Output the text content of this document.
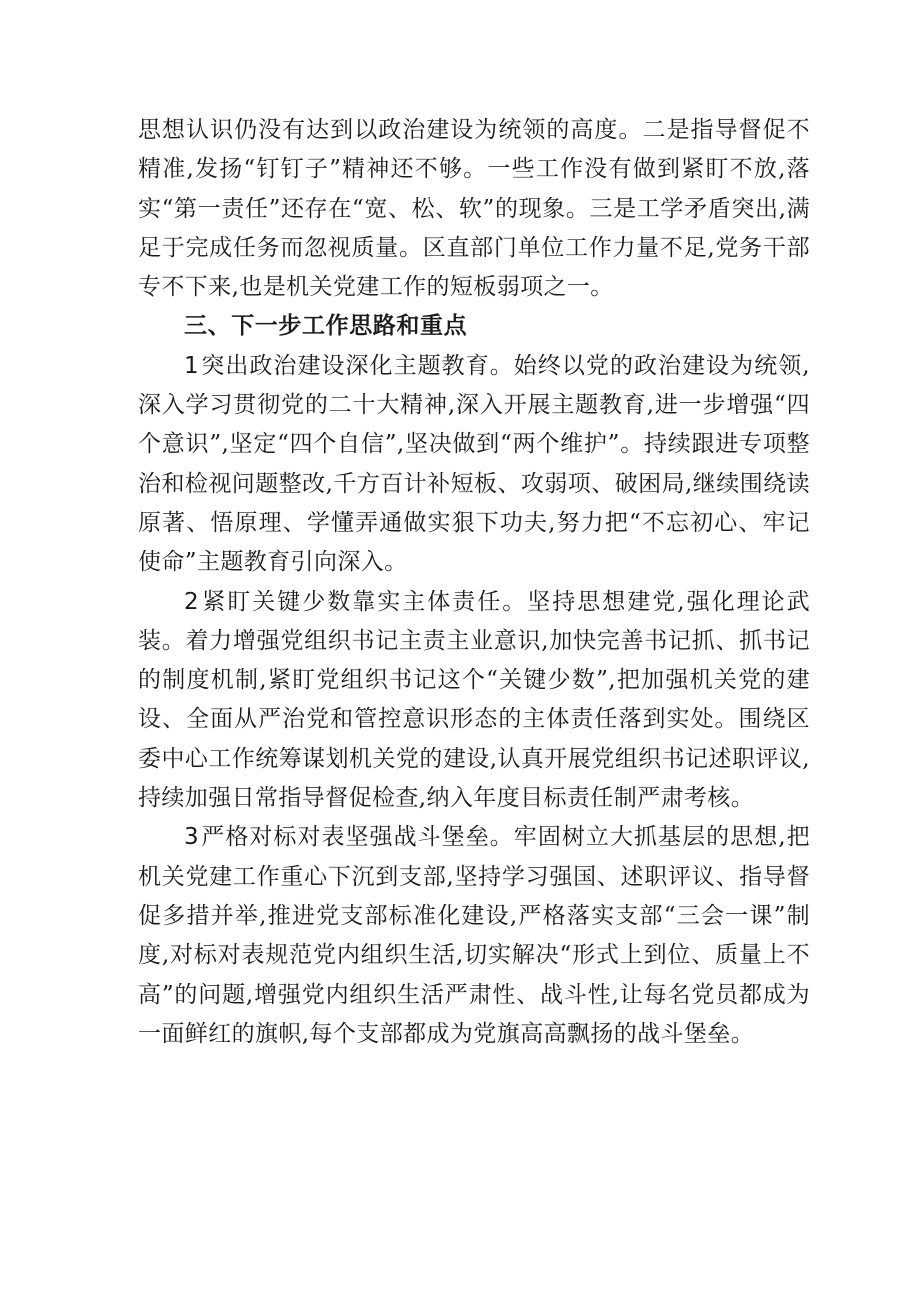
思想认识仍没有达到以政治建设为统领的高度。二是指导督促不精准,发扬“钉钉子”精神还不够。一些工作没有做到紧盯不放,落实“第一责任”还存在“宽、松、软”的现象。三是工学矛盾突出,满足于完成任务而忽视质量。区直部门单位工作力量不足,党务干部专不下来,也是机关党建工作的短板弱项之一。

三、下一步工作思路和重点

1突出政治建设深化主题教育。始终以党的政治建设为统领,深入学习贯彻党的二十大精神,深入开展主题教育,进一步增强“四个意识”,坚定“四个自信”,坚决做到“两个维护”。持续跟进专项整治和检视问题整改,千方百计补短板、攻弱项、破困局,继续围绕读原著、悟原理、学懂弄通做实狠下功夫,努力把“不忘初心、牢记使命”主题教育引向深入。

2紧盯关键少数靠实主体责任。坚持思想建党,强化理论武装。着力增强党组织书记主责主业意识,加快完善书记抓、抓书记的制度机制,紧盯党组织书记这个“关键少数”,把加强机关党的建设、全面从严治党和管控意识形态的主体责任落到实处。围绕区委中心工作统筹谋划机关党的建设,认真开展党组织书记述职评议,持续加强日常指导督促检查,纳入年度目标责任制严肃考核。

3严格对标对表坚强战斗堡垒。牢固树立大抓基层的思想,把机关党建工作重心下沉到支部,坚持学习强国、述职评议、指导督促多措并举,推进党支部标准化建设,严格落实支部“三会一课”制度,对标对表规范党内组织生活,切实解决“形式上到位、质量上不高”的问题,增强党内组织生活严肃性、战斗性,让每名党员都成为一面鲜红的旗帜,每个支部都成为党旗高高飘扬的战斗堡垒。
